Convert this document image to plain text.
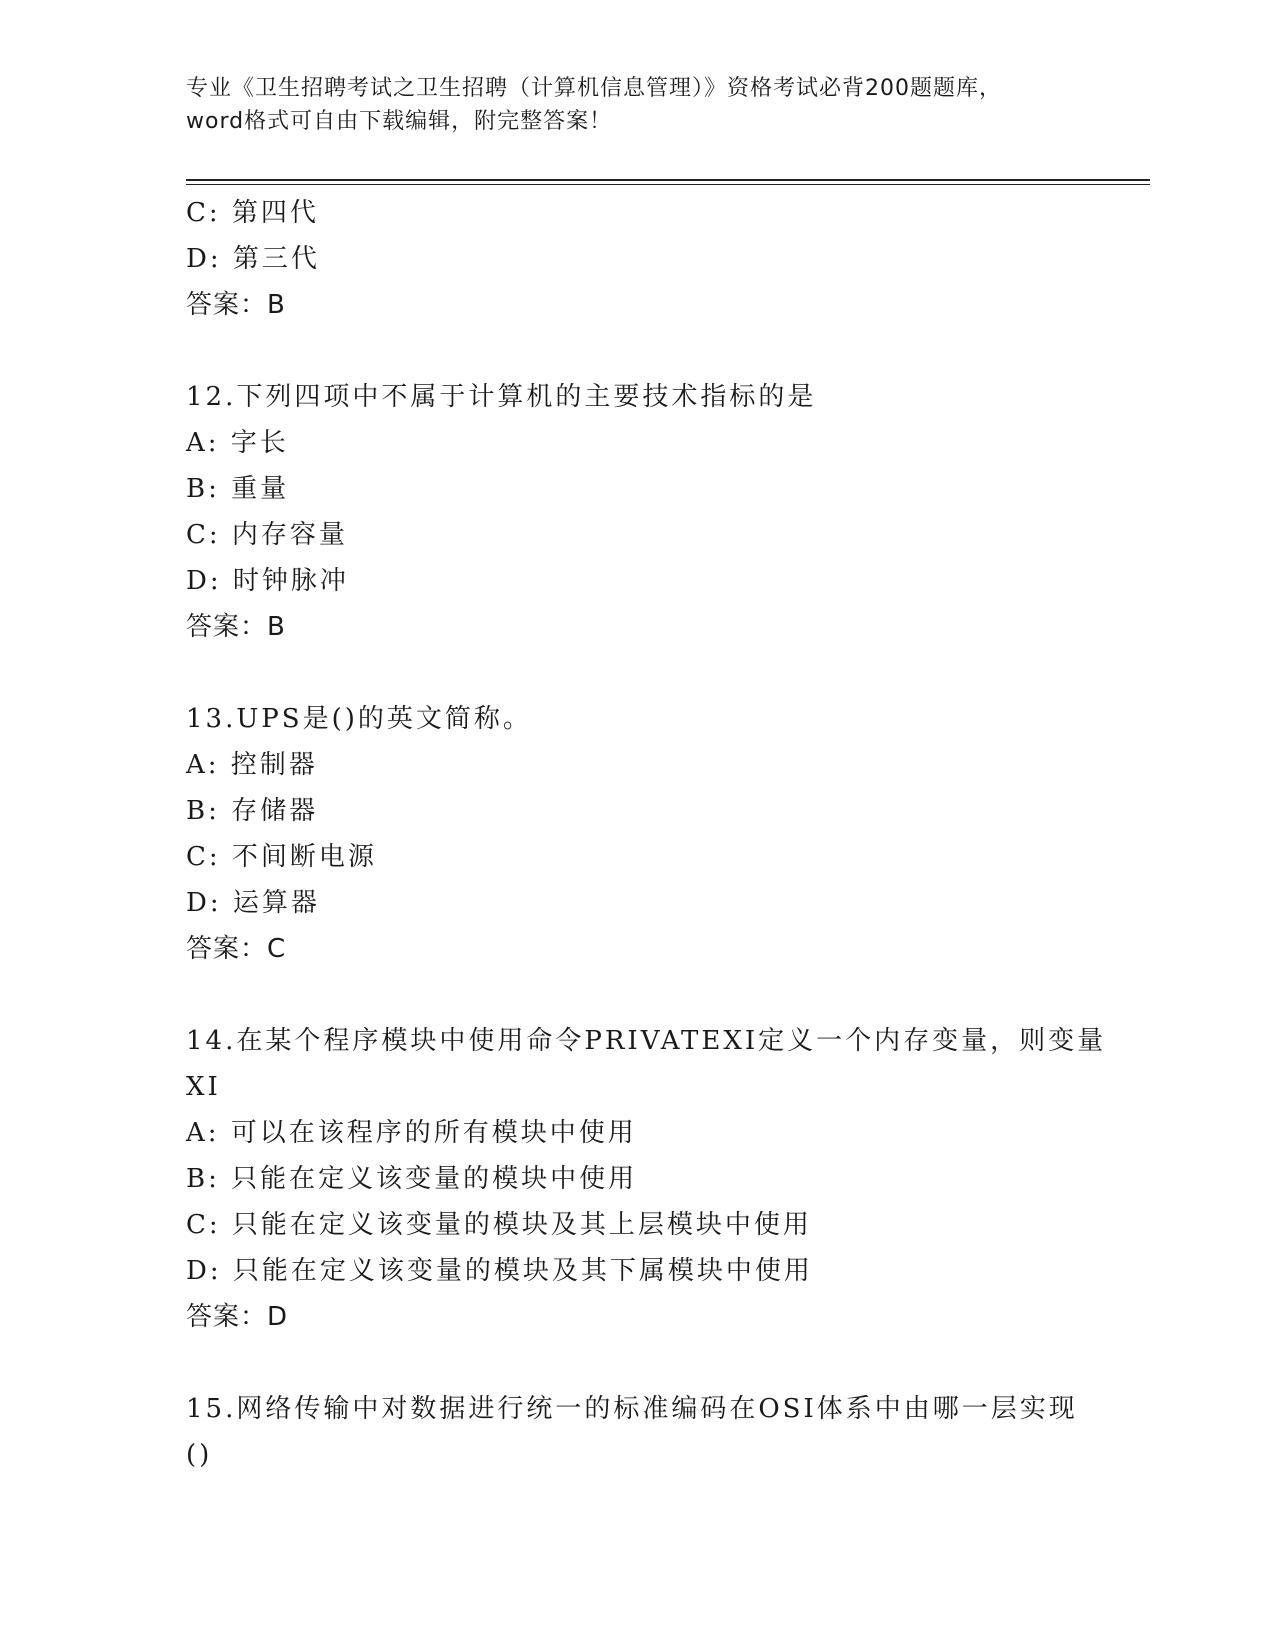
专业《卫生招聘考试之卫生招聘（计算机信息管理）》资格考试必背200题题库，
word格式可自由下载编辑，附完整答案！
C: 第四代
D: 第三代
答案：B
12.下列四项中不属于计算机的主要技术指标的是
A: 字长
B: 重量
C: 内存容量
D: 时钟脉冲
答案：B
13.UPS是()的英文简称。
A: 控制器
B: 存储器
C: 不间断电源
D: 运算器
答案：C
14.在某个程序模块中使用命令PRIVATEXI定义一个内存变量，则变量
XI
A: 可以在该程序的所有模块中使用
B: 只能在定义该变量的模块中使用
C: 只能在定义该变量的模块及其上层模块中使用
D: 只能在定义该变量的模块及其下属模块中使用
答案：D
15.网络传输中对数据进行统一的标准编码在OSI体系中由哪一层实现
()
